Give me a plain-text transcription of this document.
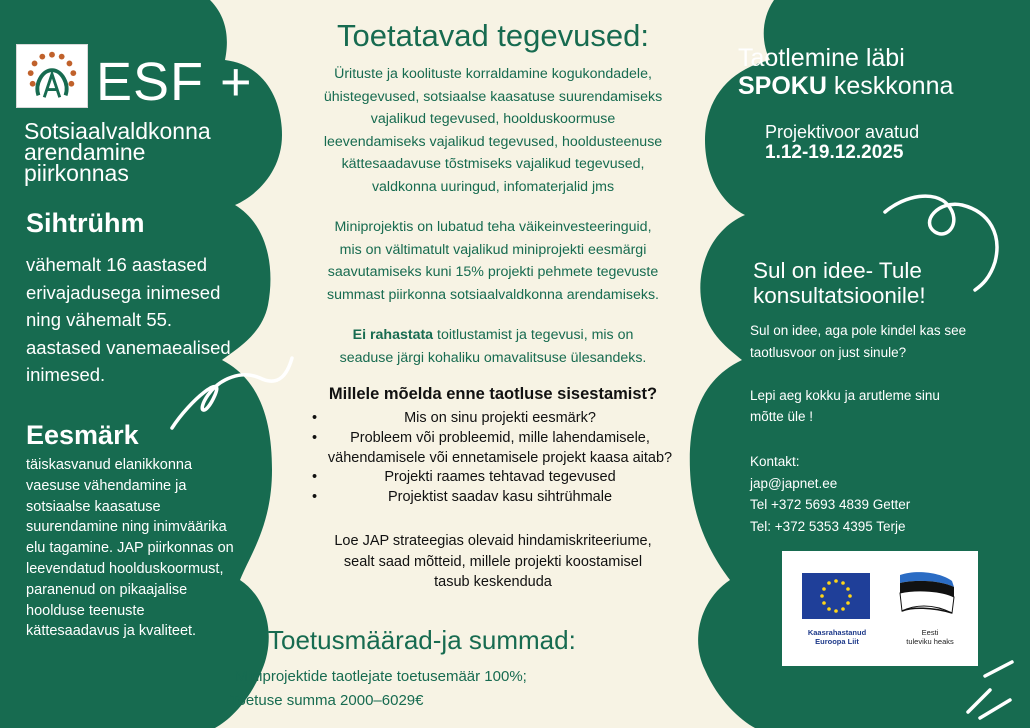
ESF +
Sotsiaalvaldkonna
arendamine
piirkonnas
Sihtrühm
vähemalt 16 aastased
erivajadusega inimesed
ning vähemalt 55.
aastased vanemaealised
inimesed.
Eesmärk
täiskasvanud elanikkonna
vaesuse vähendamine ja
sotsiaalse kaasatuse
suurendamine ning inimväärika
elu tagamine. JAP piirkonnas on
leevendatud hoolduskoormust,
paranenud on pikaajalise
hoolduse teenuste
kättesaadavus ja kvaliteet.
Toetatavad tegevused:
Ürituste ja koolituste korraldamine kogukondadele,
ühistegevused, sotsiaalse kaasatuse suurendamiseks
vajalikud tegevused, hoolduskoormuse
leevendamiseks vajalikud tegevused, hooldusteenuse
kättesaadavuse tõstmiseks vajalikud tegevused,
valdkonna uuringud, infomaterjalid jms
Miniprojektis on lubatud teha väikeinvesteeringuid,
mis on vältimatult vajalikud miniprojekti eesmärgi
saavutamiseks kuni 15% projekti pehmete tegevuste
summast piirkonna sotsiaalvaldkonna arendamiseks.
Ei rahastata toitlustamist ja tegevusi, mis on
seaduse järgi kohaliku omavalitsuse ülesandeks.
Millele mõelda enne taotluse sisestamist?
•	Mis on sinu projekti eesmärk?
• Probleem või probleemid, mille lahendamisele, vähendamisele või ennetamisele projekt kaasa aitab?
•	Projekti raames tehtavad tegevused
•	Projektist saadav kasu sihtrühmale
Loe JAP strateegias olevaid hindamiskriteeriume,
sealt saad mõtteid, millele projekti koostamisel
tasub keskenduda
Toetusmäärad-ja summad:
Miniprojektide taotlejate toetusemäär 100%;
Toetuse summa 2000–6029€
Taotlemine läbi
SPOKU keskkonna
Projektivoor avatud
1.12-19.12.2025
Sul on idee- Tule
konsultatsioonile!
Sul on idee, aga pole kindel kas see
taotlusvoor on just sinule?

Lepi aeg kokku ja arutleme sinu
mõtte üle !
Kontakt:
jap@japnet.ee
Tel +372 5693 4839 Getter
Tel: +372 5353 4395 Terje
Kaasrahastanud
Euroopa Liit
Eesti
tuleviku heaks
